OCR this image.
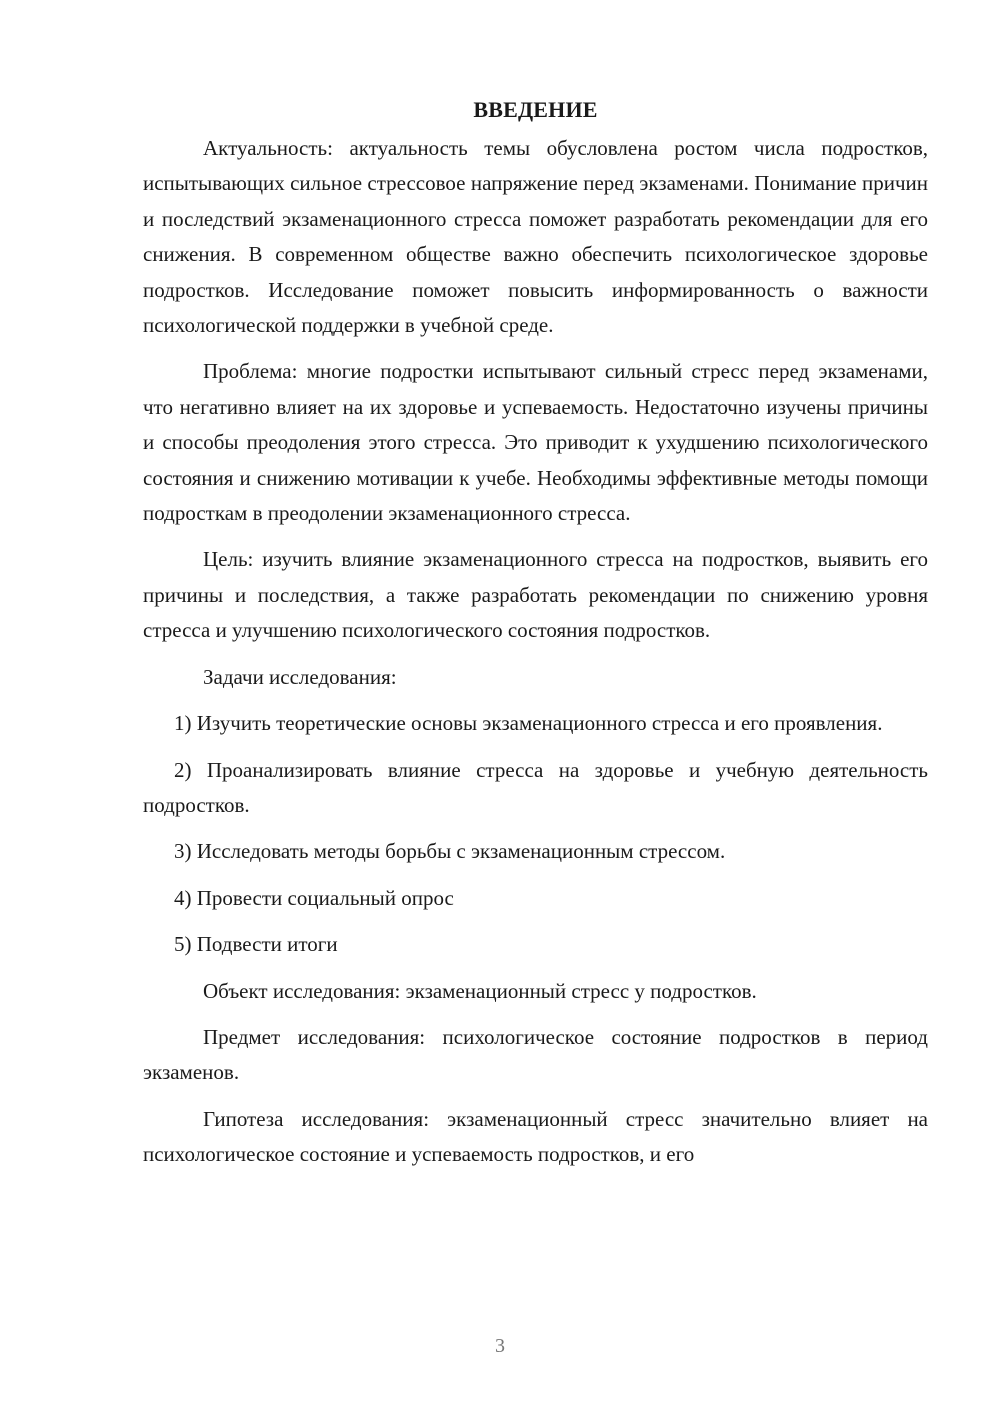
ВВЕДЕНИЕ

Актуальность: актуальность темы обусловлена ростом числа подростков, испытывающих сильное стрессовое напряжение перед экзаменами. Понимание причин и последствий экзаменационного стресса поможет разработать рекомендации для его снижения. В современном обществе важно обеспечить психологическое здоровье подростков. Исследование поможет повысить информированность о важности психологической поддержки в учебной среде.

Проблема: многие подростки испытывают сильный стресс перед экзаменами, что негативно влияет на их здоровье и успеваемость. Недостаточно изучены причины и способы преодоления этого стресса. Это приводит к ухудшению психологического состояния и снижению мотивации к учебе. Необходимы эффективные методы помощи подросткам в преодолении экзаменационного стресса.

Цель: изучить влияние экзаменационного стресса на подростков, выявить его причины и последствия, а также разработать рекомендации по снижению уровня стресса и улучшению психологического состояния подростков.

Задачи исследования:

1) Изучить теоретические основы экзаменационного стресса и его проявления.

2) Проанализировать влияние стресса на здоровье и учебную деятельность подростков.

3) Исследовать методы борьбы с экзаменационным стрессом.

4) Провести социальный опрос

5) Подвести итоги

Объект исследования: экзаменационный стресс у подростков.

Предмет исследования: психологическое состояние подростков в период экзаменов.

Гипотеза исследования: экзаменационный стресс значительно влияет на психологическое состояние и успеваемость подростков, и его

3
